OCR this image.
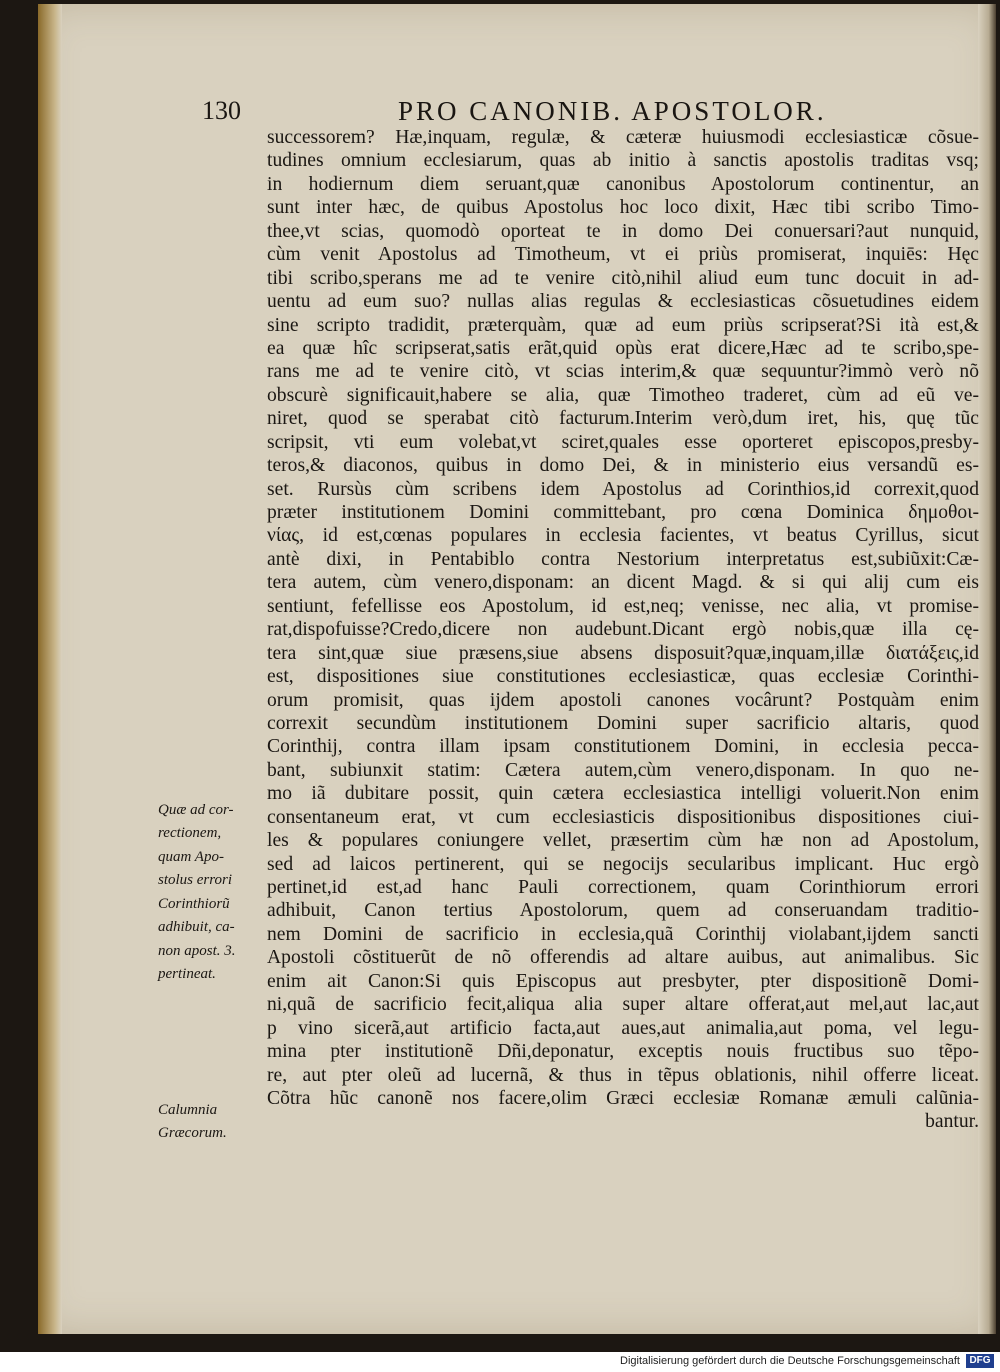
130	PRO CANONIB. APOSTOLOR.
successorem? Hæ,inquam, regulæ, & cæteræ huiusmodi ecclesiasticæ cõsue-
tudines omnium ecclesiarum, quas ab initio à sanctis apostolis traditas vsq;
in hodiernum diem seruant,quæ canonibus Apostolorum continentur, an
sunt inter hæc, de quibus Apostolus hoc loco dixit, Hæc tibi scribo Timo-
thee,vt scias, quomodò oporteat te in domo Dei conuersari?aut nunquid,
cùm venit Apostolus ad Timotheum, vt ei priùs promiserat, inquiēs: Hęc
tibi scribo,sperans me ad te venire citò,nihil aliud eum tunc docuit in ad-
uentu ad eum suo? nullas alias regulas & ecclesiasticas cõsuetudines eidem
sine scripto tradidit, præterquàm, quæ ad eum priùs scripserat?Si ità est,&
ea quæ hîc scripserat,satis erãt,quid opùs erat dicere,Hæc ad te scribo,spe-
rans me ad te venire citò, vt scias interim,& quæ sequuntur?immò verò nõ
obscurè significauit,habere se alia, quæ Timotheo traderet, cùm ad eũ ve-
niret, quod se sperabat citò facturum.Interim verò,dum iret, his, quę tũc
scripsit, vti eum volebat,vt sciret,quales esse oporteret episcopos,presby-
teros,& diaconos, quibus in domo Dei, & in ministerio eius versandũ es-
set. Rursùs cùm scribens idem Apostolus ad Corinthios,id correxit,quod
præter institutionem Domini committebant, pro cœna Dominica δημοθοι-
νίας, id est,cœnas populares in ecclesia facientes, vt beatus Cyrillus, sicut
antè dixi, in Pentabiblo contra Nestorium interpretatus est,subiũxit:Cæ-
tera autem, cùm venero,disponam: an dicent Magd. & si qui alij cum eis
sentiunt, fefellisse eos Apostolum, id est,neq; venisse, nec alia, vt promise-
rat,dispofuisse?Credo,dicere non audebunt.Dicant ergò nobis,quæ illa cę-
tera sint,quæ siue præsens,siue absens disposuit?quæ,inquam,illæ διατάξεις,id
est, dispositiones siue constitutiones ecclesiasticæ, quas ecclesiæ Corinthi-
orum promisit, quas ijdem apostoli canones vocârunt? Postquàm enim
correxit secundùm institutionem Domini super sacrificio altaris, quod
Corinthij, contra illam ipsam constitutionem Domini, in ecclesia pecca-
bant, subiunxit statim: Cætera autem,cùm venero,disponam. In quo ne-
mo iã dubitare possit, quin cætera ecclesiastica intelligi voluerit.Non enim
consentaneum erat, vt cum ecclesiasticis dispositionibus dispositiones ciui-
les & populares coniungere vellet, præsertim cùm hæ non ad Apostolum,
sed ad laicos pertinerent, qui se negocijs secularibus implicant. Huc ergò
pertinet,id est,ad hanc Pauli correctionem, quam Corinthiorum errori
adhibuit, Canon tertius Apostolorum, quem ad conseruandam traditio-
nem Domini de sacrificio in ecclesia,quã Corinthij violabant,ijdem sancti
Apostoli cõstituerũt de nõ offerendis ad altare auibus, aut animalibus. Sic
enim ait Canon:Si quis Episcopus aut presbyter, pter dispositionẽ Domi-
ni,quã de sacrificio fecit,aliqua alia super altare offerat,aut mel,aut lac,aut
p vino sicerã,aut artificio facta,aut aues,aut animalia,aut poma, vel legu-
mina pter institutionẽ Dñi,deponatur, exceptis nouis fructibus suo tẽpo-
re, aut pter oleũ ad lucernã, & thus in tẽpus oblationis, nihil offerre liceat.
Cõtra hũc canonẽ nos facere,olim Græci ecclesiæ Romanæ æmuli calũnia-
bantur.
Quæ ad cor-
rectionem,
quam Apo-
stolus errori
Corinthiorũ
adhibuit, ca-
non apost. 3.
pertineat.
Calumnia
Græcorum.
Digitalisierung gefördert durch die Deutsche Forschungsgemeinschaft DFG
